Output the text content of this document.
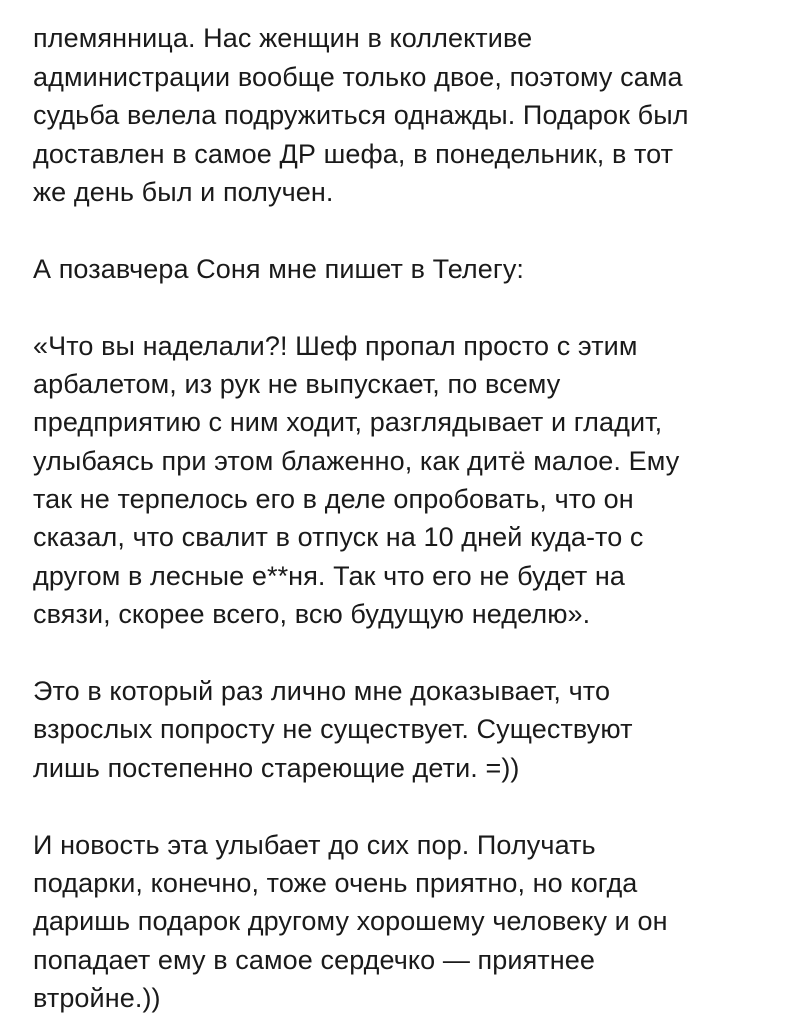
племянница. Нас женщин в коллективе
администрации вообще только двое, поэтому сама
судьба велела подружиться однажды. Подарок был
доставлен в самое ДР шефа, в понедельник, в тот
же день был и получен.
А позавчера Соня мне пишет в Телегу:
«Что вы наделали?! Шеф пропал просто с этим
арбалетом, из рук не выпускает, по всему
предприятию с ним ходит, разглядывает и гладит,
улыбаясь при этом блаженно, как дитё малое. Ему
так не терпелось его в деле опробовать, что он
сказал, что свалит в отпуск на 10 дней куда-то с
другом в лесные е**ня. Так что его не будет на
связи, скорее всего, всю будущую неделю».
Это в который раз лично мне доказывает, что
взрослых попросту не существует. Существуют
лишь постепенно стареющие дети. =))
И новость эта улыбает до сих пор. Получать
подарки, конечно, тоже очень приятно, но когда
даришь подарок другому хорошему человеку и он
попадает ему в самое сердечко — приятнее
втройне.))
